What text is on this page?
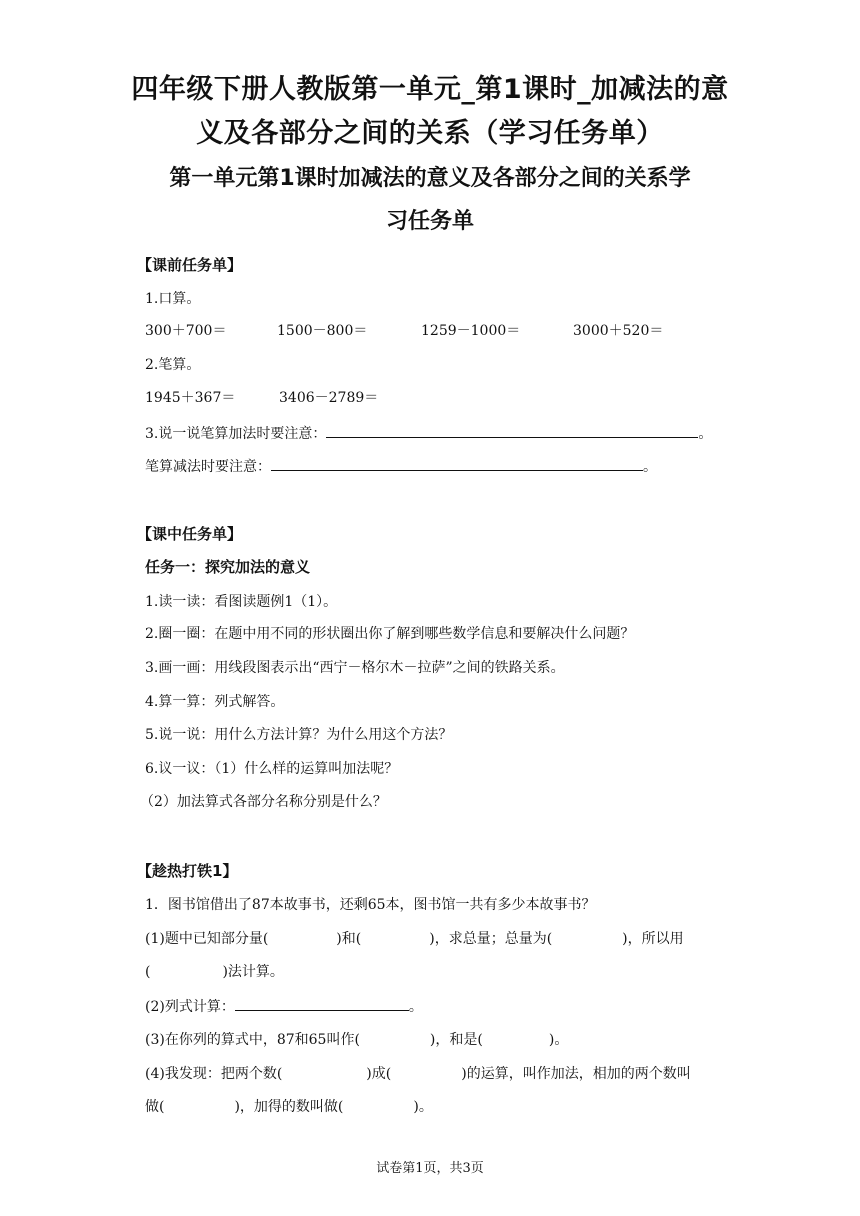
四年级下册人教版第一单元_第1课时_加减法的意
义及各部分之间的关系（学习任务单）
第一单元第1课时加减法的意义及各部分之间的关系学
习任务单
【课前任务单】
1.口算。
300＋700＝	1500－800＝	1259－1000＝	3000＋520＝
2.笔算。
1945＋367＝	3406－2789＝
3.说一说笔算加法时要注意：	。
笔算减法时要注意：	。
【课中任务单】
任务一：探究加法的意义
1.读一读：看图读题例1（1）。
2.圈一圈：在题中用不同的形状圈出你了解到哪些数学信息和要解决什么问题？
3.画一画：用线段图表示出“西宁－格尔木－拉萨”之间的铁路关系。
4.算一算：列式解答。
5.说一说：用什么方法计算？为什么用这个方法？
6.议一议：（1）什么样的运算叫加法呢？
（2）加法算式各部分名称分别是什么？
【趁热打铁1】
1．图书馆借出了87本故事书，还剩65本，图书馆一共有多少本故事书？
(1)题中已知部分量(	)和(	)，求总量；总量为(	)，所以用
(	)法计算。
(2)列式计算：	。
(3)在你列的算式中，87和65叫作(	)，和是(	)。
(4)我发现：把两个数(	)成(	)的运算，叫作加法，相加的两个数叫
做(	)，加得的数叫做(	)。
试卷第1页，共3页
